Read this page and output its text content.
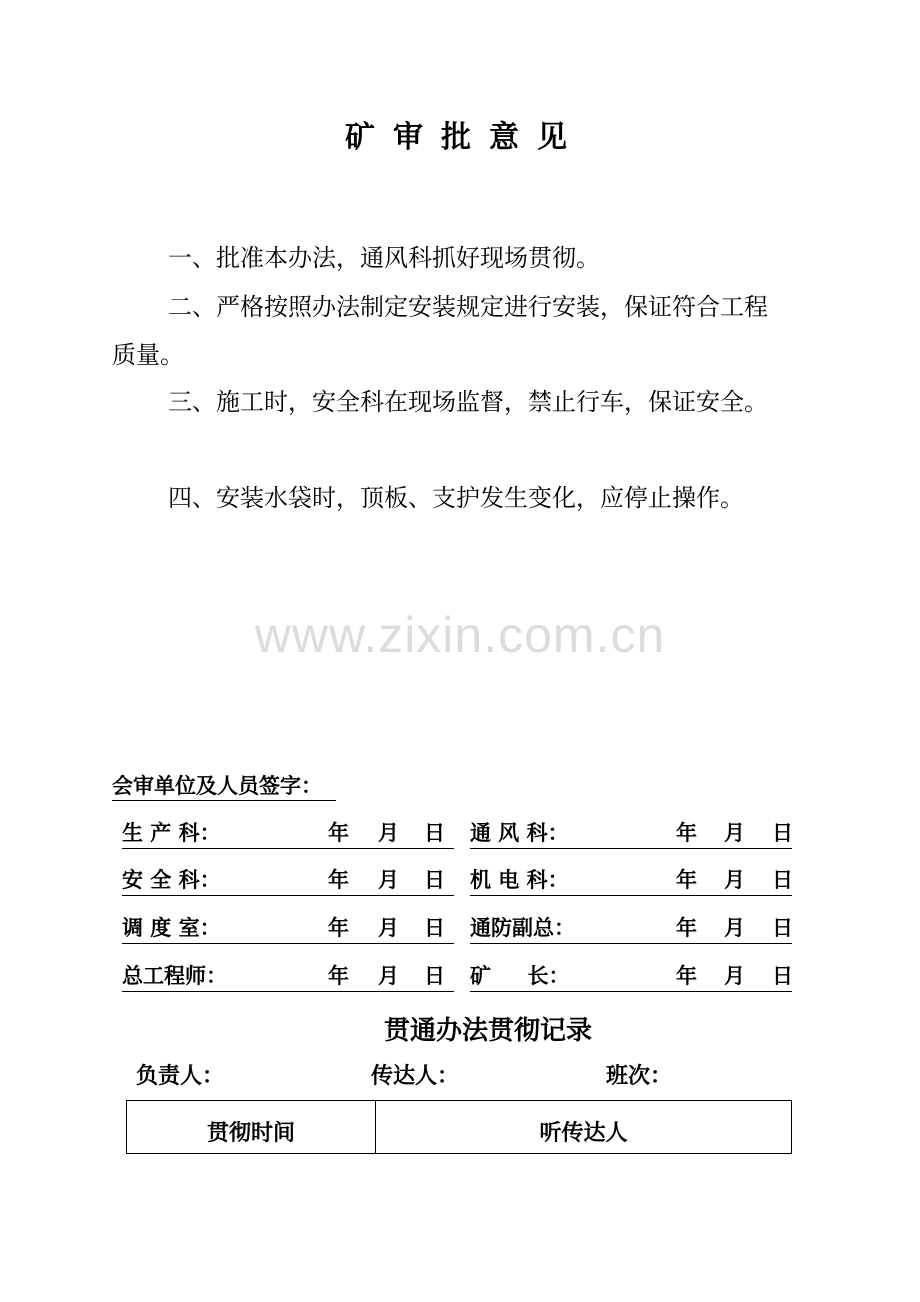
矿审批意见

一、批准本办法，通风科抓好现场贯彻。

二、严格按照办法制定安装规定进行安装，保证符合工程质量。

三、施工时，安全科在现场监督，禁止行车，保证安全。

四、安装水袋时，顶板、支护发生变化，应停止操作。

www.zixin.com.cn
会审单位及人员签字：
生 产 科：	年 月 日 通 风 科：	年 月 日
安 全 科：	年 月 日 机 电 科：	年 月 日
调 度 室：	年 月 日 通防副总：	年 月 日
总工程师：	年 月 日 矿     长：	年 月 日
贯通办法贯彻记录
负责人：	传达人：	班次：
贯彻时间	听传达人
